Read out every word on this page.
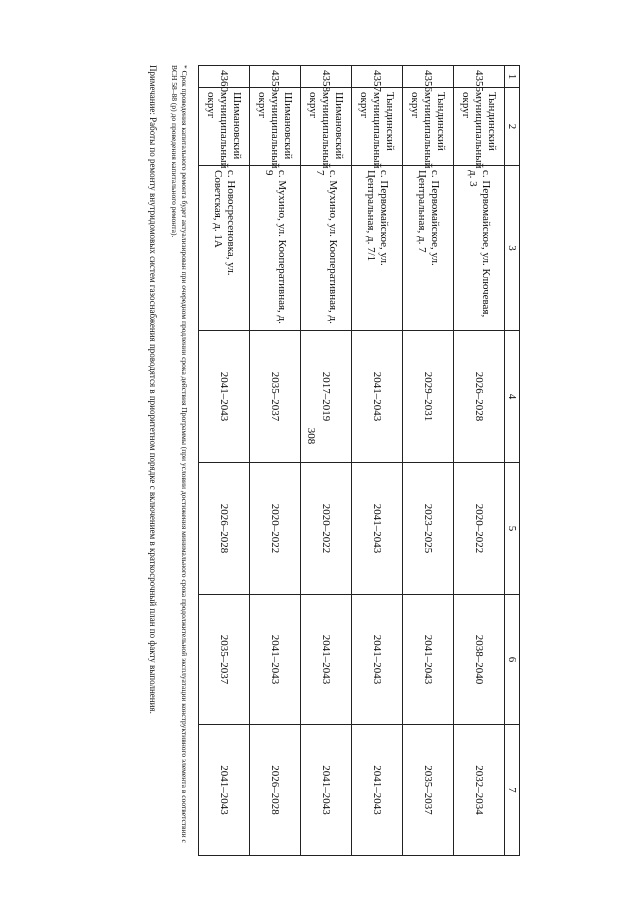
308
1	2	3	4	5	6	7
4355	Тындинский муниципальный округ	с. Первомайское, ул. Ключевая, д. 3	2026–2028	2020–2022	2038–2040	2032–2034
4356	Тындинский муниципальный округ	с. Первомайское, ул. Центральная, д. 7	2029–2031	2023–2025	2041–2043	2035–2037
4357	Тындинский муниципальный округ	с. Первомайское, ул. Центральная, д. 7/1	2041–2043	2041–2043	2041–2043	2041–2043
4358	Шимановский муниципальный округ	с. Мухино, ул. Кооперативная, д. 7	2017–2019	2020–2022	2041–2043	2041–2043
4359	Шимановский муниципальный округ	с. Мухино, ул. Кооперативная, д. 9	2035–2037	2020–2022	2041–2043	2026–2028
4360	Шимановский муниципальный округ	с. Новосресеновка, ул. Советская, д. 1А	2041–2043	2026–2028	2035–2037	2041–2043
* Срок проведения капитального ремонта будет актуализирован при очередном продлении срока действия Программы (при условии достижения минимального срока продолжительной эксплуатации конструктивного элемента в соответствии с ВСН 58–88 (р) до проведения капитального ремонта).
Примечание: Работы по ремонту внутридомовых систем газоснабжения проводятся в приоритетном порядке с включением в краткосрочный план по факту выполнения.
